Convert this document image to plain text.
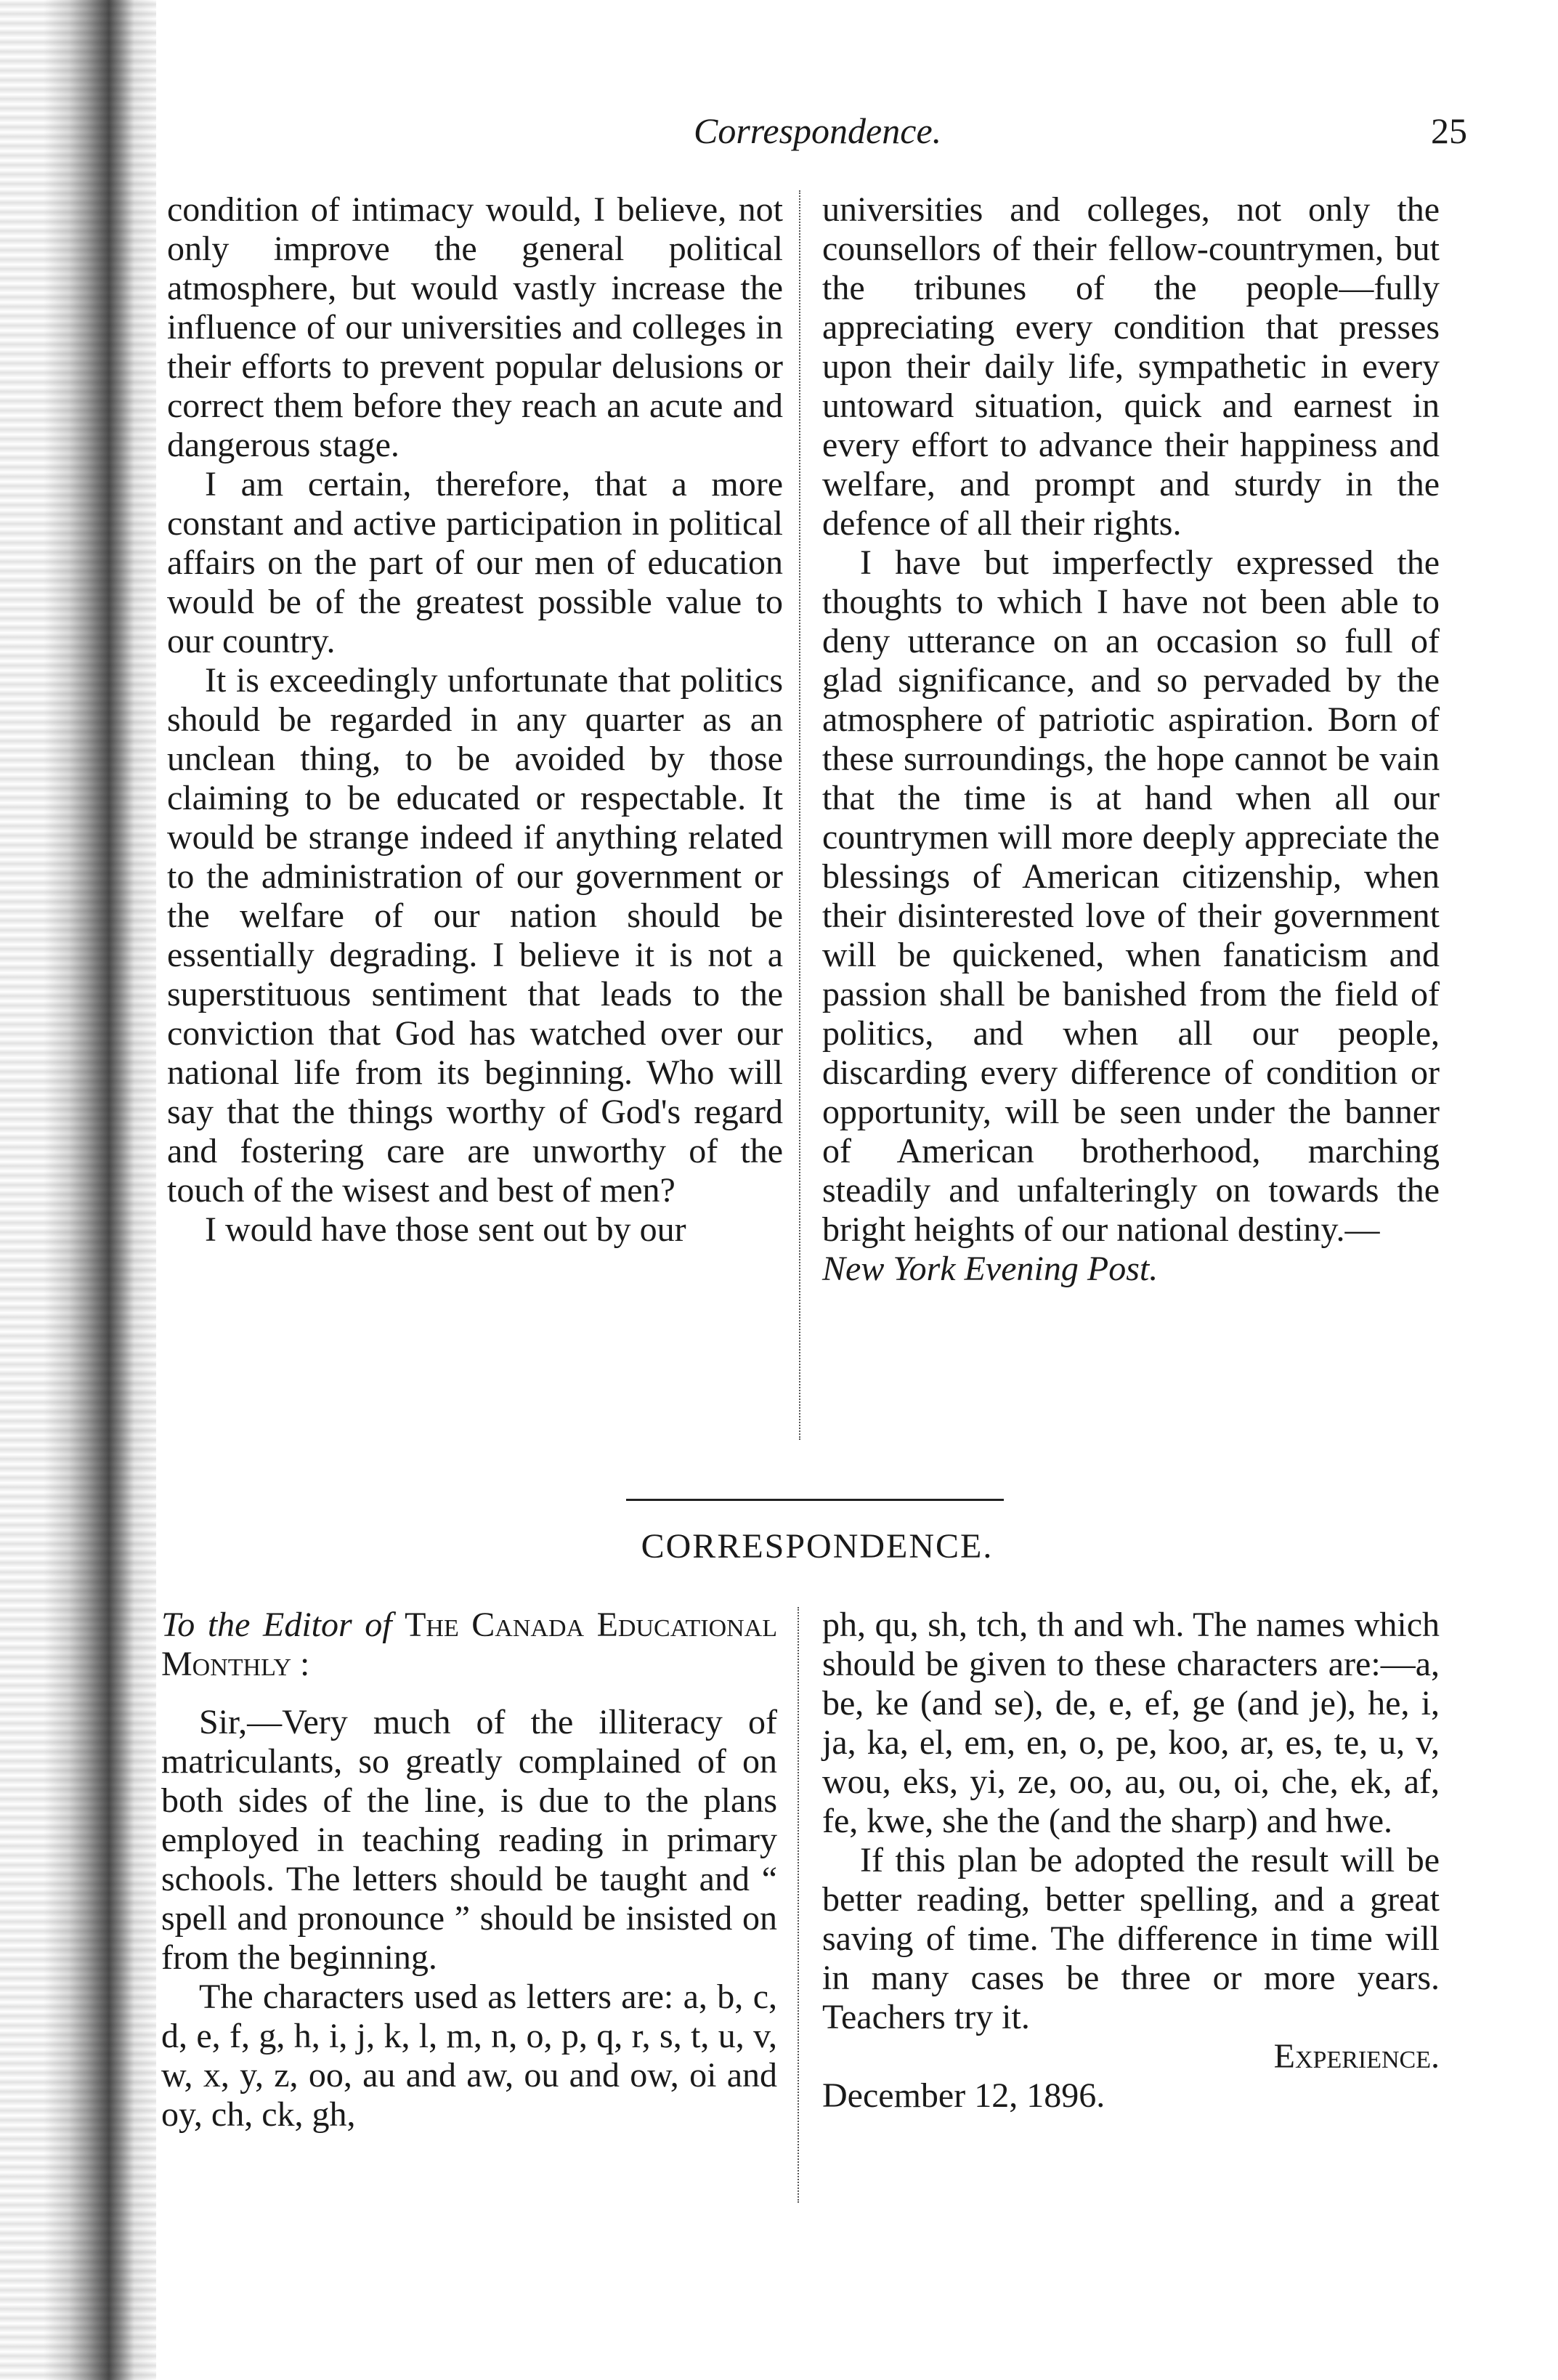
Correspondence.	25

condition of intimacy would, I believe, not only improve the general political atmosphere, but would vastly increase the influence of our universities and colleges in their efforts to prevent popular delusions or correct them before they reach an acute and dangerous stage.

I am certain, therefore, that a more constant and active participation in political affairs on the part of our men of education would be of the greatest possible value to our country.

It is exceedingly unfortunate that politics should be regarded in any quarter as an unclean thing, to be avoided by those claiming to be educated or respectable. It would be strange indeed if anything related to the administration of our government or the welfare of our nation should be essentially degrading. I believe it is not a superstituous sentiment that leads to the conviction that God has watched over our national life from its beginning. Who will say that the things worthy of God's regard and fostering care are unworthy of the touch of the wisest and best of men?

I would have those sent out by our

universities and colleges, not only the counsellors of their fellow-countrymen, but the tribunes of the people—fully appreciating every condition that presses upon their daily life, sympathetic in every untoward situation, quick and earnest in every effort to advance their happiness and welfare, and prompt and sturdy in the defence of all their rights.

I have but imperfectly expressed the thoughts to which I have not been able to deny utterance on an occasion so full of glad significance, and so pervaded by the atmosphere of patriotic aspiration. Born of these surroundings, the hope cannot be vain that the time is at hand when all our countrymen will more deeply appreciate the blessings of American citizenship, when their disinterested love of their government will be quickened, when fanaticism and passion shall be banished from the field of politics, and when all our people, discarding every difference of condition or opportunity, will be seen under the banner of American brotherhood, marching steadily and unfalteringly on towards the bright heights of our national destiny.—

New York Evening Post.

CORRESPONDENCE.

To the Editor of The Canada Educational Monthly :

Sir,—Very much of the illiteracy of matriculants, so greatly complained of on both sides of the line, is due to the plans employed in teaching reading in primary schools. The letters should be taught and “ spell and pronounce ” should be insisted on from the beginning.

The characters used as letters are: a, b, c, d, e, f, g, h, i, j, k, l, m, n, o, p, q, r, s, t, u, v, w, x, y, z, oo, au and aw, ou and ow, oi and oy, ch, ck, gh,

ph, qu, sh, tch, th and wh. The names which should be given to these characters are:—a, be, ke (and se), de, e, ef, ge (and je), he, i, ja, ka, el, em, en, o, pe, koo, ar, es, te, u, v, wou, eks, yi, ze, oo, au, ou, oi, che, ek, af, fe, kwe, she the (and the sharp) and hwe.

If this plan be adopted the result will be better reading, better spelling, and a great saving of time. The difference in time will in many cases be three or more years. Teachers try it.

Experience.

December 12, 1896.
